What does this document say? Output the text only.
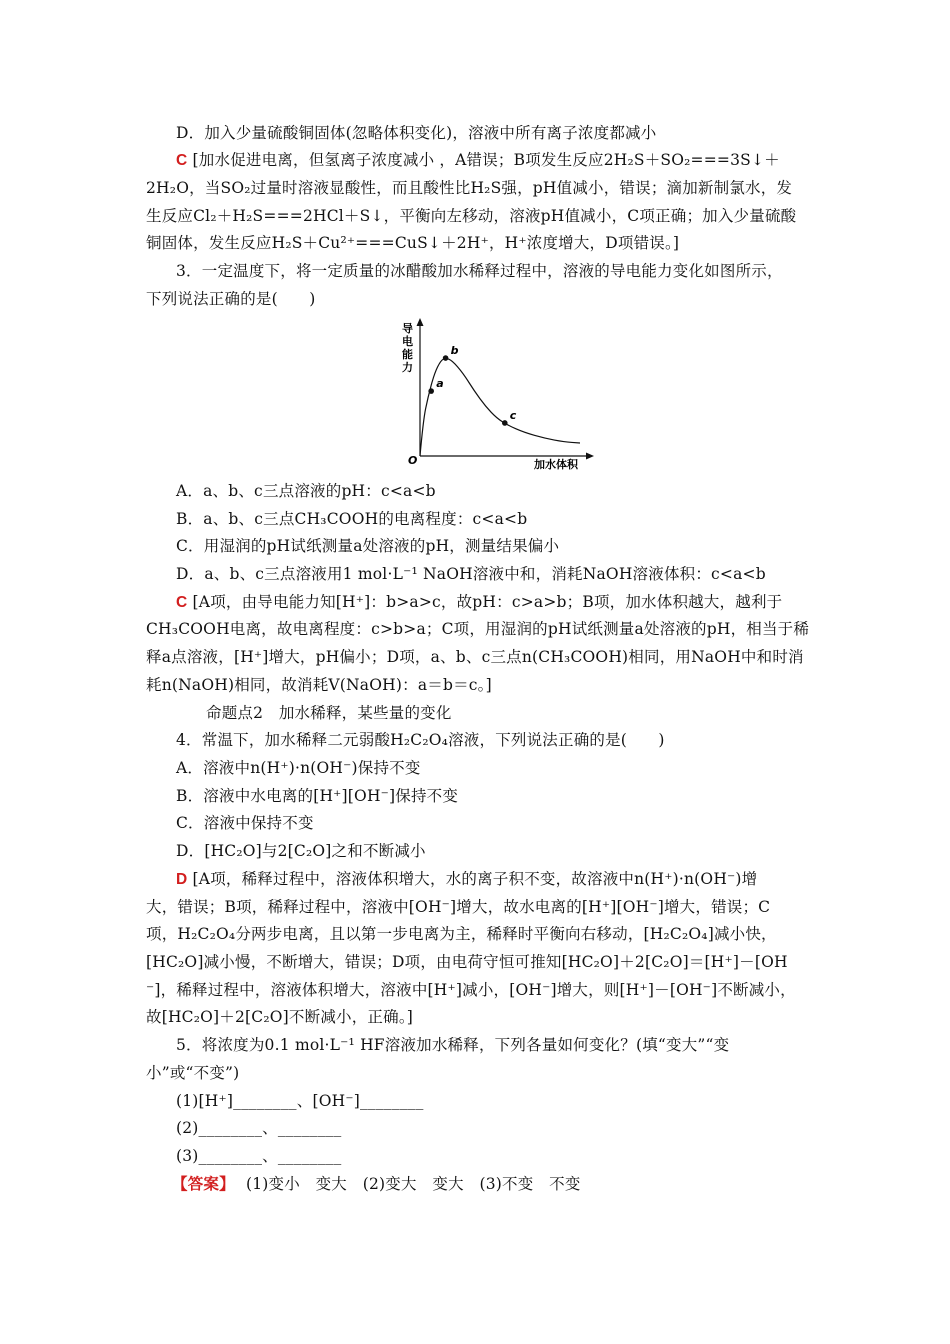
D．加入少量硫酸铜固体(忽略体积变化)，溶液中所有离子浓度都减小
C [加水促进电离，但氢离子浓度减小 ，A错误；B项发生反应2H₂S＋SO₂===3S↓＋
2H₂O，当SO₂过量时溶液显酸性，而且酸性比H₂S强，pH值减小，错误；滴加新制氯水，发
生反应Cl₂＋H₂S===2HCl＋S↓，平衡向左移动，溶液pH值减小，C项正确；加入少量硫酸
铜固体，发生反应H₂S＋Cu²⁺===CuS↓＋2H⁺，H⁺浓度增大，D项错误。]
3．一定温度下，将一定质量的冰醋酸加水稀释过程中，溶液的导电能力变化如图所示，
下列说法正确的是(　　)
导
电
能
力
O	加水体积
a
b
c
A．a、b、c三点溶液的pH：c<a<b
B．a、b、c三点CH₃COOH的电离程度：c<a<b
C．用湿润的pH试纸测量a处溶液的pH，测量结果偏小
D．a、b、c三点溶液用1 mol·L⁻¹ NaOH溶液中和，消耗NaOH溶液体积：c<a<b
C [A项，由导电能力知[H⁺]：b>a>c，故pH：c>a>b；B项，加水体积越大，越利于
CH₃COOH电离，故电离程度：c>b>a；C项，用湿润的pH试纸测量a处溶液的pH，相当于稀
释a点溶液，[H⁺]增大，pH偏小；D项，a、b、c三点n(CH₃COOH)相同，用NaOH中和时消
耗n(NaOH)相同，故消耗V(NaOH)：a＝b＝c。]
命题点2　加水稀释，某些量的变化
4．常温下，加水稀释二元弱酸H₂C₂O₄溶液，下列说法正确的是(　　)
A．溶液中n(H⁺)·n(OH⁻)保持不变
B．溶液中水电离的[H⁺][OH⁻]保持不变
C．溶液中保持不变
D．[HC₂O]与2[C₂O]之和不断减小
D [A项，稀释过程中，溶液体积增大，水的离子积不变，故溶液中n(H⁺)·n(OH⁻)增
大，错误；B项，稀释过程中，溶液中[OH⁻]增大，故水电离的[H⁺][OH⁻]增大，错误；C
项，H₂C₂O₄分两步电离，且以第一步电离为主，稀释时平衡向右移动，[H₂C₂O₄]减小快，
[HC₂O]减小慢，不断增大，错误；D项，由电荷守恒可推知[HC₂O]＋2[C₂O]＝[H⁺]－[OH
⁻]，稀释过程中，溶液体积增大，溶液中[H⁺]减小，[OH⁻]增大，则[H⁺]－[OH⁻]不断减小，
故[HC₂O]＋2[C₂O]不断减小，正确。]
5．将浓度为0.1 mol·L⁻¹ HF溶液加水稀释，下列各量如何变化？(填“变大”“变
小”或“不变”)
(1)[H⁺]________、[OH⁻]________
(2)________、________
(3)________、________
【答案】 (1)变小　变大　(2)变大　变大　(3)不变　不变
